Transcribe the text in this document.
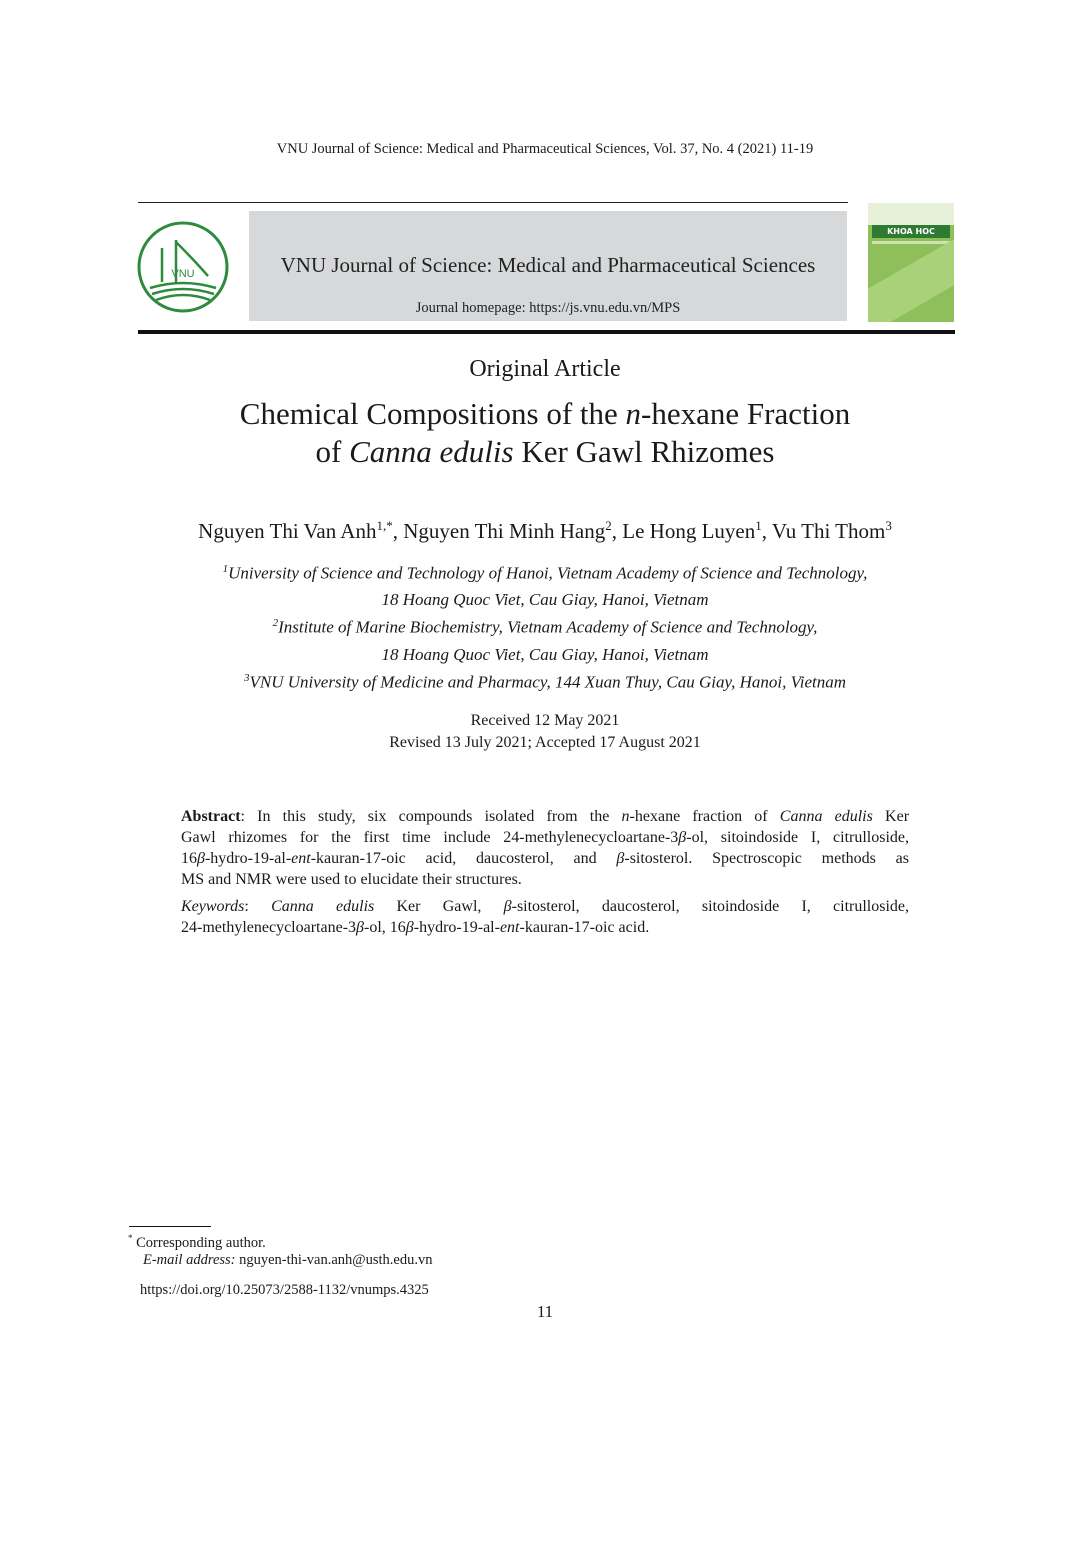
VNU Journal of Science: Medical and Pharmaceutical Sciences, Vol. 37, No. 4 (2021) 11-19
VNU Journal of Science: Medical and Pharmaceutical Sciences
Journal homepage: https://js.vnu.edu.vn/MPS
VNU
KHOA HOC
Original Article
Chemical Compositions of the n-hexane Fraction
of Canna edulis Ker Gawl Rhizomes
Nguyen Thi Van Anh$^{1,*}$, Nguyen Thi Minh Hang$^2$, Le Hong Luyen$^1$, Vu Thi Thom$^3$
$^1$University of Science and Technology of Hanoi, Vietnam Academy of Science and Technology,
18 Hoang Quoc Viet, Cau Giay, Hanoi, Vietnam
$^2$Institute of Marine Biochemistry, Vietnam Academy of Science and Technology,
18 Hoang Quoc Viet, Cau Giay, Hanoi, Vietnam
$^3$VNU University of Medicine and Pharmacy, 144 Xuan Thuy, Cau Giay, Hanoi, Vietnam
Received 12 May 2021
Revised 13 July 2021; Accepted 17 August 2021
Abstract: In this study, six compounds isolated from the n-hexane fraction of Canna edulis Ker
Gawl rhizomes for the first time include 24-methylenecycloartane-3β-ol, sitoindoside I, citrulloside,
16β-hydro-19-al-ent-kauran-17-oic acid, daucosterol, and β-sitosterol. Spectroscopic methods as
MS and NMR were used to elucidate their structures.
Keywords: Canna edulis Ker Gawl, β-sitosterol, daucosterol, sitoindoside I, citrulloside,
24-methylenecycloartane-3β-ol, 16β-hydro-19-al-ent-kauran-17-oic acid.
* Corresponding author.
E-mail address: nguyen-thi-van.anh@usth.edu.vn
https://doi.org/10.25073/2588-1132/vnumps.4325
11
